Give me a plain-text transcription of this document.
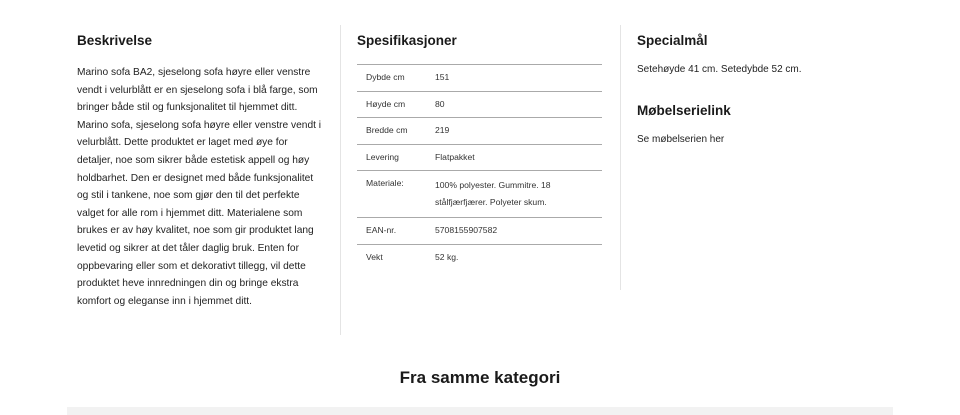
Beskrivelse
Marino sofa BA2, sjeselong sofa høyre eller venstre vendt i velurblått er en sjeselong sofa i blå farge, som bringer både stil og funksjonalitet til hjemmet ditt. Marino sofa, sjeselong sofa høyre eller venstre vendt i velurblått. Dette produktet er laget med øye for detaljer, noe som sikrer både estetisk appell og høy holdbarhet. Den er designet med både funksjonalitet og stil i tankene, noe som gjør den til det perfekte valget for alle rom i hjemmet ditt. Materialene som brukes er av høy kvalitet, noe som gir produktet lang levetid og sikrer at det tåler daglig bruk. Enten for oppbevaring eller som et dekorativt tillegg, vil dette produktet heve innredningen din og bringe ekstra komfort og eleganse inn i hjemmet ditt.
Spesifikasjoner
Dybde cm	151
Høyde cm	80
Bredde cm	219
Levering	Flatpakket
Materiale:	100% polyester. Gummitre. 18 stålfjærfjærer. Polyeter skum.
EAN-nr.	5708155907582
Vekt	52 kg.
Specialmål
Setehøyde 41 cm. Setedybde 52 cm.
Møbelserielink
Se møbelserien her
Fra samme kategori
